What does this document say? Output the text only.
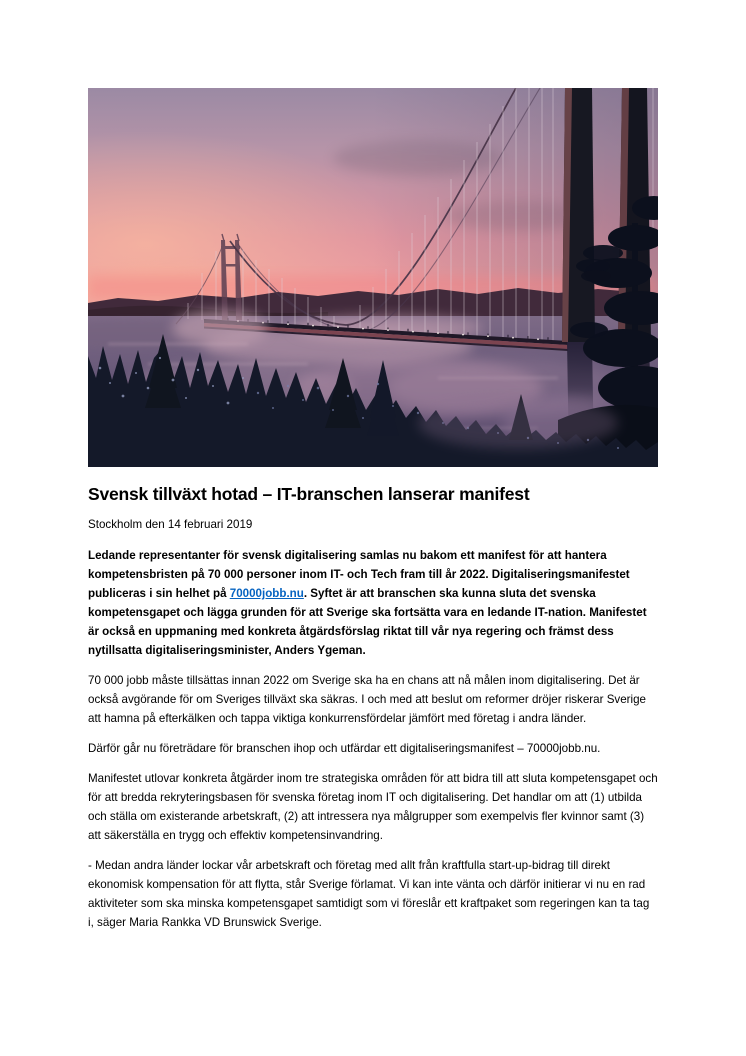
Svensk tillväxt hotad – IT-branschen lanserar manifest

Stockholm den 14 februari 2019

Ledande representanter för svensk digitalisering samlas nu bakom ett manifest för att hantera kompetensbristen på 70 000 personer inom IT- och Tech fram till år 2022. Digitaliseringsmanifestet publiceras i sin helhet på 70000jobb.nu. Syftet är att branschen ska kunna sluta det svenska kompetensgapet och lägga grunden för att Sverige ska fortsätta vara en ledande IT-nation. Manifestet är också en uppmaning med konkreta åtgärdsförslag riktat till vår nya regering och främst dess nytillsatta digitaliseringsminister, Anders Ygeman.

70 000 jobb måste tillsättas innan 2022 om Sverige ska ha en chans att nå målen inom digitalisering. Det är också avgörande för om Sveriges tillväxt ska säkras. I och med att beslut om reformer dröjer riskerar Sverige att hamna på efterkälken och tappa viktiga konkurrensfördelar jämfört med företag i andra länder.

Därför går nu företrädare för branschen ihop och utfärdar ett digitaliseringsmanifest – 70000jobb.nu.

Manifestet utlovar konkreta åtgärder inom tre strategiska områden för att bidra till att sluta kompetensgapet och för att bredda rekryteringsbasen för svenska företag inom IT och digitalisering. Det handlar om att (1) utbilda och ställa om existerande arbetskraft, (2) att intressera nya målgrupper som exempelvis fler kvinnor samt (3) att säkerställa en trygg och effektiv kompetensinvandring.

- Medan andra länder lockar vår arbetskraft och företag med allt från kraftfulla start-up-bidrag till direkt ekonomisk kompensation för att flytta, står Sverige förlamat. Vi kan inte vänta och därför initierar vi nu en rad aktiviteter som ska minska kompetensgapet samtidigt som vi föreslår ett kraftpaket som regeringen kan ta tag i, säger Maria Rankka VD Brunswick Sverige.
